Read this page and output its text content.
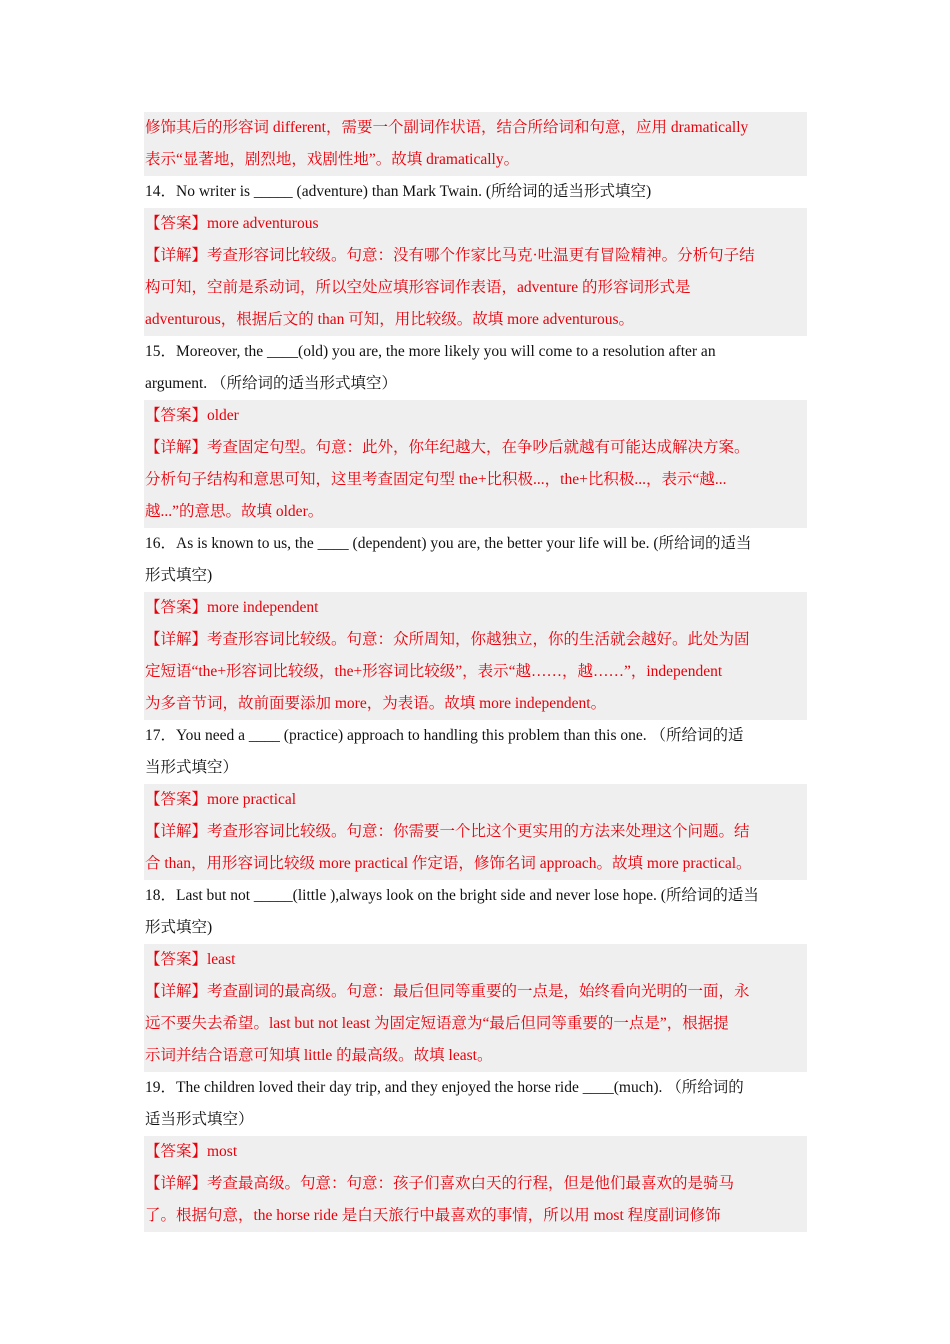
修饰其后的形容词 different，需要一个副词作状语，结合所给词和句意，应用 dramatically
表示“显著地，剧烈地，戏剧性地”。故填 dramatically。
14．No writer is _____ (adventure) than Mark Twain. (所给词的适当形式填空)
【答案】more adventurous
【详解】考查形容词比较级。句意：没有哪个作家比马克·吐温更有冒险精神。分析句子结
构可知，空前是系动词，所以空处应填形容词作表语，adventure 的形容词形式是
adventurous，根据后文的 than 可知，用比较级。故填 more adventurous。
15．Moreover, the ____(old) you are, the more likely you will come to a resolution after an
argument. （所给词的适当形式填空）
【答案】older
【详解】考查固定句型。句意：此外，你年纪越大，在争吵后就越有可能达成解决方案。
分析句子结构和意思可知，这里考查固定句型 the+比积极...，the+比积极...，表示“越...
越...”的意思。故填 older。
16．As is known to us, the ____ (dependent) you are, the better your life will be. (所给词的适当
形式填空)
【答案】more independent
【详解】考查形容词比较级。句意：众所周知，你越独立，你的生活就会越好。此处为固
定短语“the+形容词比较级，the+形容词比较级”，表示“越……，越……”，independent
为多音节词，故前面要添加 more，为表语。故填 more independent。
17．You need a ____ (practice) approach to handling this problem than this one. （所给词的适
当形式填空）
【答案】more practical
【详解】考查形容词比较级。句意：你需要一个比这个更实用的方法来处理这个问题。结
合 than，用形容词比较级 more practical 作定语，修饰名词 approach。故填 more practical。
18．Last but not _____(little ),always look on the bright side and never lose hope. (所给词的适当
形式填空)
【答案】least
【详解】考查副词的最高级。句意：最后但同等重要的一点是，始终看向光明的一面，永
远不要失去希望。last but not least 为固定短语意为“最后但同等重要的一点是”，根据提
示词并结合语意可知填 little 的最高级。故填 least。
19．The children loved their day trip, and they enjoyed the horse ride ____(much). （所给词的
适当形式填空）
【答案】most
【详解】考查最高级。句意：句意：孩子们喜欢白天的行程，但是他们最喜欢的是骑马
了。根据句意，the horse ride 是白天旅行中最喜欢的事情，所以用 most 程度副词修饰
